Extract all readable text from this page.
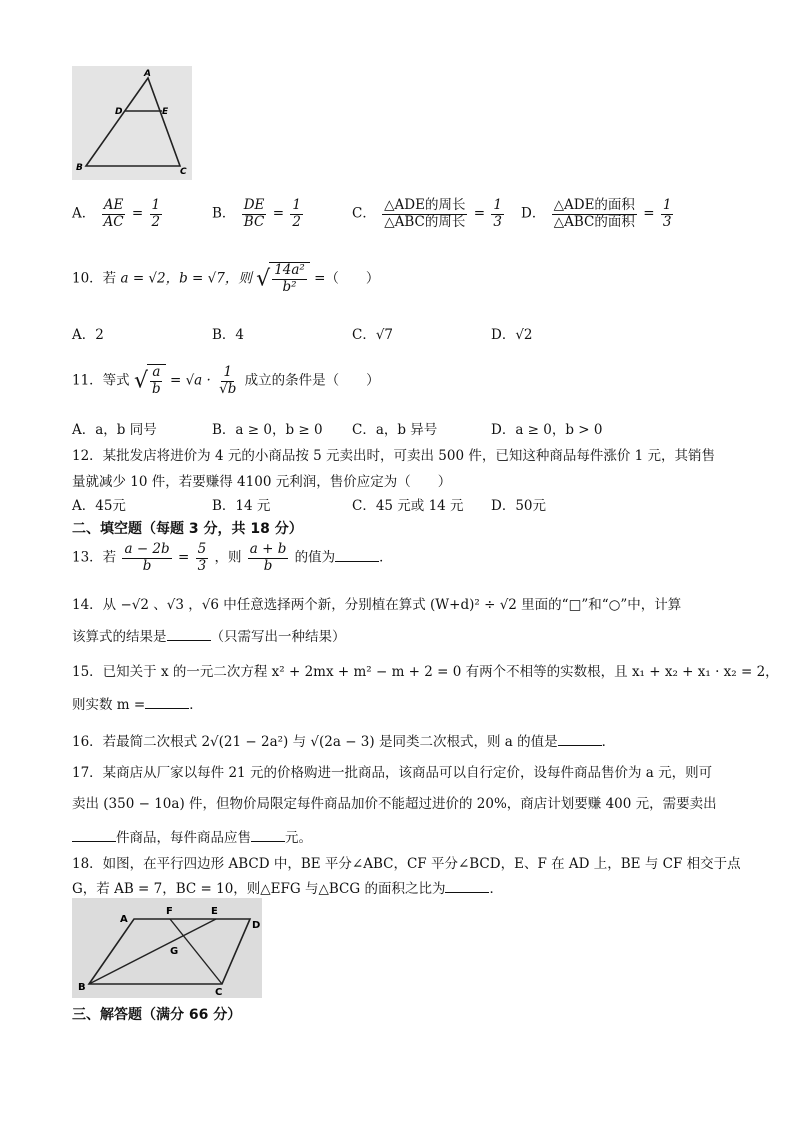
A
D	E
B	C
A． $\frac{AE}{AC} = \frac{1}{2}$	B． $\frac{DE}{BC} = \frac{1}{2}$	C． $\frac{\text{△ADE的周长}}{\text{△ABC的周长}} = \frac{1}{3}$ D． $\frac{\text{△ADE的面积}}{\text{△ABC的面积}} = \frac{1}{3}$
10．若 a = √2，b = √7，则 √ $\frac{\text{14a²}}{\text{b²}}$ =（　　）
A．2	B．4	C．√7	D．√2
11．等式 √ $\frac{a}{b} = √a \cdot \frac{1}{√b}$ 成立的条件是（　　）
A．a，b 同号	B．a ≥ 0，b ≥ 0 C．a，b 异号	D．a ≥ 0，b > 0
12．某批发店将进价为 4 元的小商品按 5 元卖出时，可卖出 500 件，已知这种商品每件涨价 1 元，其销售
量就减少 10 件，若要赚得 4100 元利润，售价应定为（　　）
A．45元	B．14 元	C．45 元或 14 元 D．50元
二、填空题（每题 3 分，共 18 分）
13．若 $\frac{a - 2b}{b} = \frac{5}{3}$ ，则 $\frac{a + b}{b}$ 的值为	．
14．从 −√2 、√3 ，√6 中任意选择两个新，分别植在算式 (W+d)² ÷ √2 里面的“□”和“○”中，计算
该算式的结果是	（只需写出一种结果）
15．已知关于 x 的一元二次方程 x² + 2mx + m² − m + 2 = 0 有两个不相等的实数根，且 x₁ + x₂ + x₁ · x₂ = 2，
则实数 m =	．
16．若最简二次根式 2√(21 − 2a²) 与 √(2a − 3) 是同类二次根式，则 a 的值是	．
17．某商店从厂家以每件 21 元的价格购进一批商品，该商品可以自行定价，设每件商品售价为 a 元，则可
卖出 (350 − 10a) 件，但物价局限定每件商品加价不能超过进价的 20%，商店计划要赚 400 元，需要卖出
件商品，每件商品应售	元。
18．如图，在平行四边形 ABCD 中，BE 平分∠ABC，CF 平分∠BCD，E、F 在 AD 上，BE 与 CF 相交于点
G，若 AB = 7，BC = 10，则△EFG 与△BCG 的面积之比为	．
A
F	E
D
G
B	C
三、解答题（满分 66 分）
